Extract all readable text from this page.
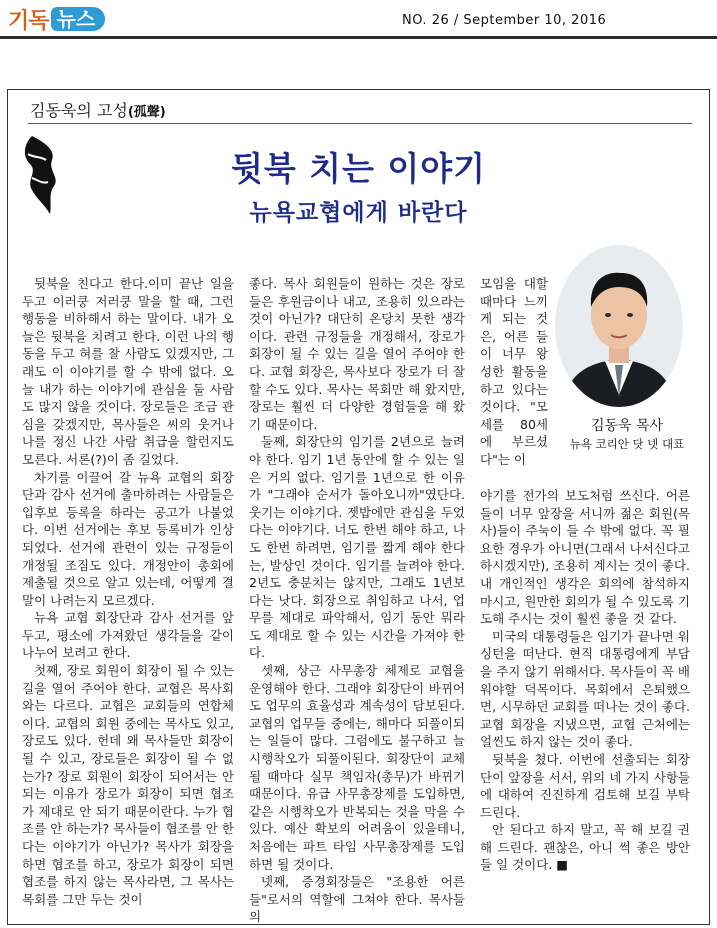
기독 뉴스	NO. 26 / September 10, 2016
김동욱의 고성(孤聲)
뒷북 치는 이야기
뉴욕교협에게 바란다

뒷북을 친다고 한다.이미 끝난 일을 두고 이러쿵 저러쿵 말을 할 때, 그런 행동을 비하해서 하는 말이다. 내가 오늘은 뒷북을 치려고 한다. 이런 나의 행동을 두고 혀를 찰 사람도 있겠지만, 그래도 이 이야기를 할 수 밖에 없다. 오늘 내가 하는 이야기에 관심을 둘 사람도 많지 않을 것이다. 장로들은 조금 관심을 갖겠지만, 목사들은 씨의 웃거나 나를 정신 나간 사람 취급을 할런지도 모른다. 서론(?)이 좀 길었다.

차기를 이끌어 갈 뉴욕 교협의 회장단과 감사 선거에 출마하려는 사람들은 입후보 등록을 하라는 공고가 나붙었다. 이번 선거에는 후보 등록비가 인상되었다. 선거에 관련이 있는 규정들이 개정될 조짐도 있다. 개정안이 총회에 제출될 것으로 알고 있는데, 어떻게 결말이 나려는지 모르겠다.

뉴욕 교협 회장단과 감사 선거를 앞두고, 평소에 가져왔던 생각들을 같이 나누어 보려고 한다.

첫째, 장로 회원이 회장이 될 수 있는 길을 열어 주어야 한다. 교협은 목사회와는 다르다. 교협은 교회들의 연합체이다. 교협의 회원 중에는 목사도 있고, 장로도 있다. 헌데 왜 목사들만 회장이 될 수 있고, 장로들은 회장이 될 수 없는가? 장로 회원이 회장이 되어서는 안 되는 이유가 장로가 회장이 되면 협조가 제대로 안 되기 때문이란다. 누가 협조를 안 하는가? 목사들이 협조를 안 한다는 이야기가 아닌가? 목사가 회장을 하면 협조를 하고, 장로가 회장이 되면 협조를 하지 않는 목사라면, 그 목사는 목회를 그만 두는 것이

좋다. 목사 회원들이 원하는 것은 장로들은 후원금이나 내고, 조용히 있으라는 것이 아닌가? 대단히 온당치 못한 생각이다. 관련 규정들을 개정해서, 장로가 회장이 될 수 있는 길을 열어 주어야 한다. 교협 회장은, 목사보다 장로가 더 잘할 수도 있다. 목사는 목회만 해 왔지만, 장로는 훨씬 더 다양한 경험들을 해 왔기 때문이다.

둘째, 회장단의 임기를 2년으로 늘려야 한다. 임기 1년 동안에 할 수 있는 일은 거의 없다. 임기를 1년으로 한 이유가 "그래야 순서가 돌아오니까"였단다. 웃기는 이야기다. 젯밥에만 관심을 두었다는 이야기다. 너도 한번 해야 하고, 나도 한번 하려면, 임기를 짧게 해야 한다는, 발상인 것이다. 임기를 늘려야 한다. 2년도 충분치는 않지만, 그래도 1년보다는 낫다. 회장으로 취임하고 나서, 업무를 제대로 파악해서, 임기 동안 뭐라도 제대로 할 수 있는 시간을 가져야 한다.

셋째, 상근 사무총장 체제로 교협을 운영해야 한다. 그래야 회장단이 바뀌어도 업무의 효율성과 계속성이 담보된다. 교협의 업무들 중에는, 해마다 되풀이되는 일들이 많다. 그럼에도 불구하고 늘 시행착오가 되풀이된다. 회장단이 교체될 때마다 실무 책임자(총무)가 바뀌기 때문이다. 유급 사무총장제를 도입하면, 같은 시행착오가 반복되는 것을 막을 수 있다. 예산 확보의 어려움이 있을테니, 처음에는 파트 타임 사무총장제를 도입하면 될 것이다.

넷째, 증경회장들은 "조용한 어른들"로서의 역할에 그쳐야 한다. 목사들의

모임을 대할 때마다 느끼게 되는 것은, 어른 들이 너무 왕성한 활동을 하고 있다는 것이다. "모세를 80세에 부르셨다"는 이

김동욱 목사
뉴욕 코리안 닷 넷 대표

야기를 전가의 보도처럼 쓰신다. 어른들이 너무 앞장을 서니까 젊은 회원(목사)들이 주눅이 들 수 밖에 없다. 꼭 필요한 경우가 아니면(그래서 나서신다고 하시겠지만), 조용히 계시는 것이 좋다. 내 개인적인 생각은 회의에 참석하지 마시고, 원만한 회의가 될 수 있도록 기도해 주시는 것이 훨씬 좋을 것 같다.

미국의 대통령들은 임기가 끝나면 워싱턴을 떠난다. 현직 대통령에게 부담을 주지 않기 위해서다. 목사들이 꼭 배워야할 덕목이다. 목회에서 은퇴했으면, 시무하던 교회를 떠나는 것이 좋다. 교협 회장을 지냈으면, 교협 근처에는 얼씬도 하지 않는 것이 좋다.

뒷북을 쳤다. 이번에 선출되는 회장단이 앞장을 서서, 위의 네 가지 사항들에 대하여 진진하게 검토해 보길 부탁드린다.

안 된다고 하지 말고, 꼭 해 보길 권해 드린다. 괜찮은, 아니 썩 좋은 방안들 일 것이다. ■
